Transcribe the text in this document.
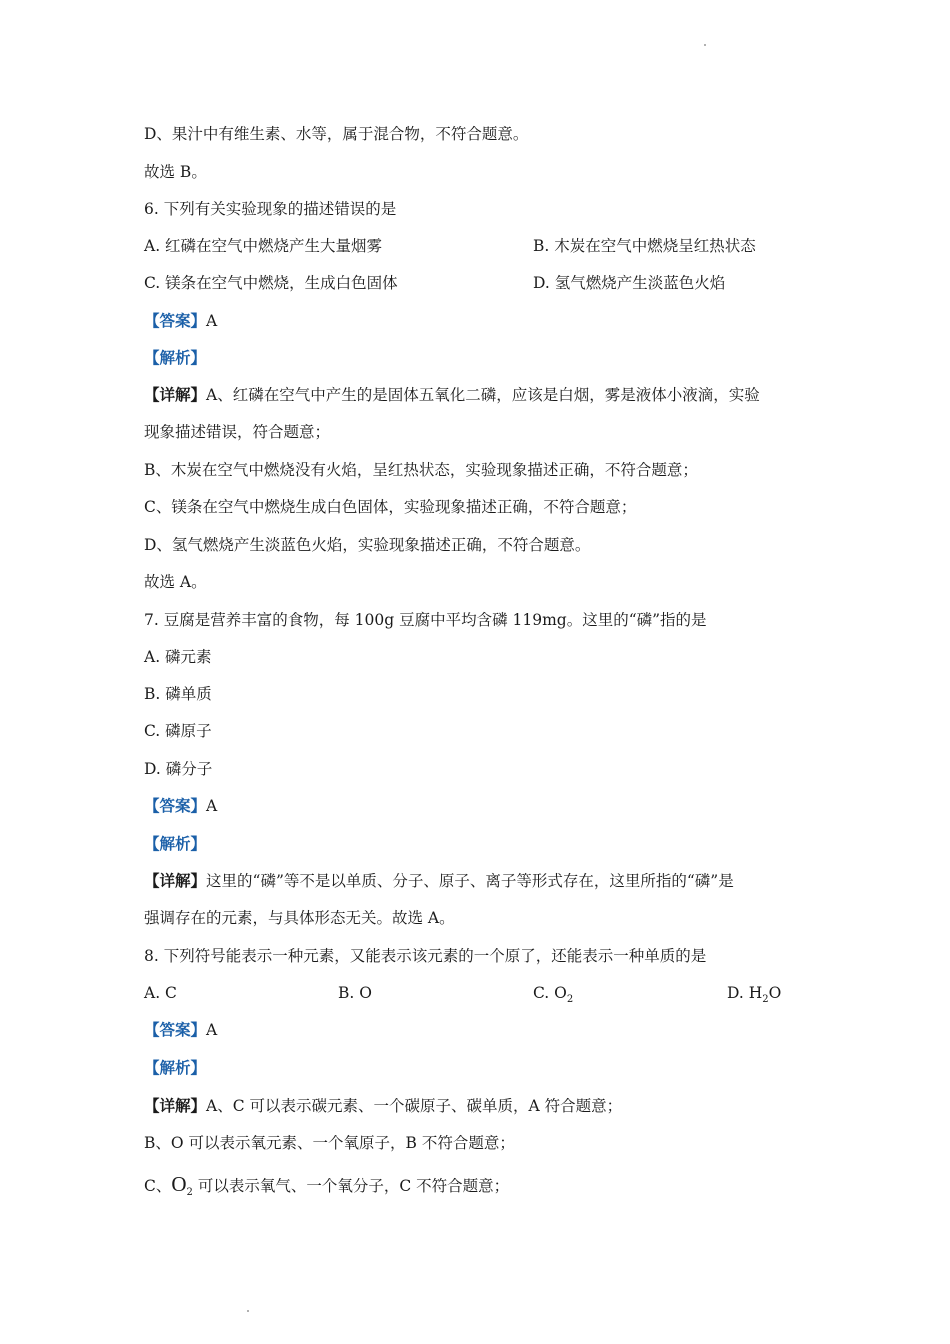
D、果汁中有维生素、水等，属于混合物，不符合题意。
故选 B。
6. 下列有关实验现象的描述错误的是
A. 红磷在空气中燃烧产生大量烟雾	B. 木炭在空气中燃烧呈红热状态
C. 镁条在空气中燃烧，生成白色固体	D. 氢气燃烧产生淡蓝色火焰
【答案】A
【解析】
【详解】A、红磷在空气中产生的是固体五氧化二磷，应该是白烟，雾是液体小液滴，实验
现象描述错误，符合题意；
B、木炭在空气中燃烧没有火焰，呈红热状态，实验现象描述正确，不符合题意；
C、镁条在空气中燃烧生成白色固体，实验现象描述正确，不符合题意；
D、氢气燃烧产生淡蓝色火焰，实验现象描述正确，不符合题意。
故选 A。
7. 豆腐是营养丰富的食物，每 100g 豆腐中平均含磷 119mg。这里的“磷”指的是
A. 磷元素
B. 磷单质
C. 磷原子
D. 磷分子
【答案】A
【解析】
【详解】这里的“磷”等不是以单质、分子、原子、离子等形式存在，这里所指的“磷”是
强调存在的元素，与具体形态无关。故选 A。
8. 下列符号能表示一种元素，又能表示该元素的一个原了，还能表示一种单质的是
A. C	B. O	C. $O_2$	D. $H_2O$
【答案】A
【解析】
【详解】A、C 可以表示碳元素、一个碳原子、碳单质，A 符合题意；
B、O 可以表示氧元素、一个氧原子，B 不符合题意；
C、$O_2$ 可以表示氧气、一个氧分子，C 不符合题意；
